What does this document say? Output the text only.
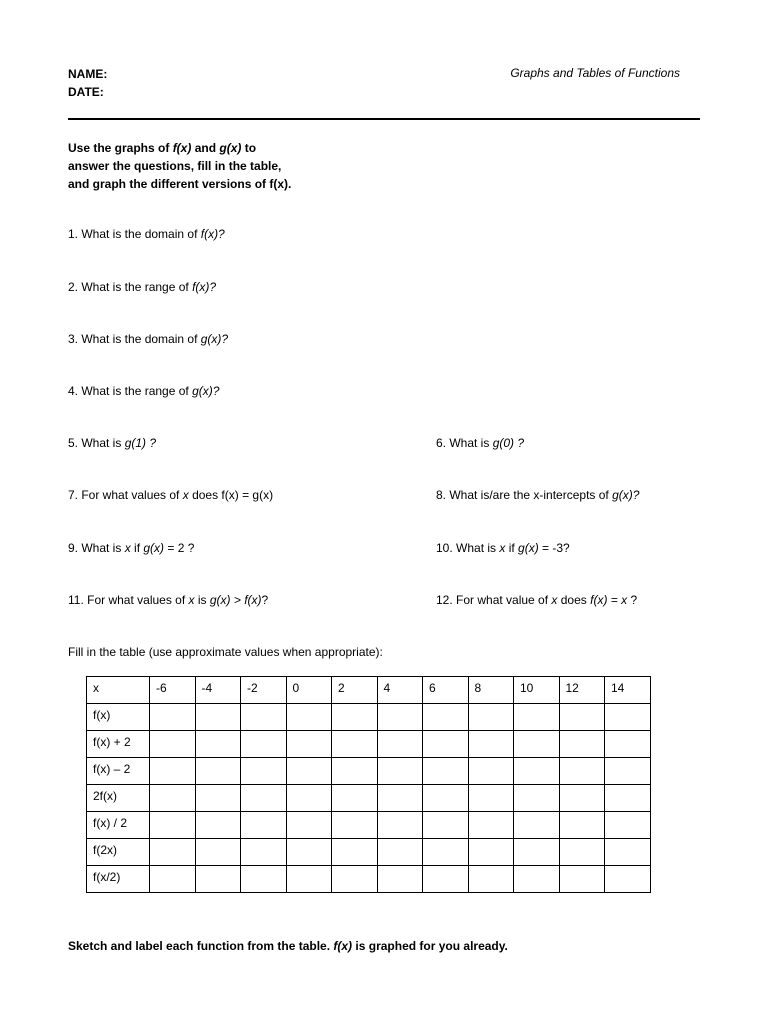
NAME:
DATE:
Graphs and Tables of Functions
Use the graphs of f(x) and g(x) to
answer the questions, fill in the table,
and graph the different versions of f(x).
1. What is the domain of f(x)?
2. What is the range of f(x)?
3. What is the domain of g(x)?
4. What is the range of g(x)?
5. What is g(1) ?	6. What is g(0) ?
7. For what values of x does f(x) = g(x)	8. What is/are the x-intercepts of g(x)?
9. What is x if g(x) = 2 ?	10. What is x if g(x) = -3?
11. For what values of x is g(x) > f(x)?	12. For what value of x does f(x) = x ?
Fill in the table (use approximate values when appropriate):
x	-6	-4	-2	0	2	4	6	8	10	12	14
f(x)											
f(x) + 2											
f(x) – 2											
2f(x)											
f(x) / 2											
f(2x)											
f(x/2)											
Sketch and label each function from the table. f(x) is graphed for you already.
